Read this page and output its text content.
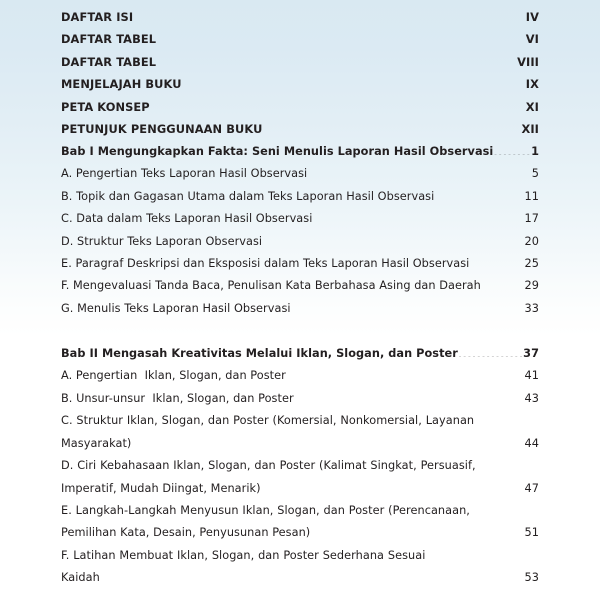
DAFTAR ISI .....	IV
DAFTAR TABEL .....	VI
DAFTAR TABEL .....	VIII
MENJELAJAH BUKU .....	IX
PETA KONSEP .....	XI
PETUNJUK PENGGUNAAN BUKU .....	XII
Bab I Mengungkapkan Fakta: Seni Menulis Laporan Hasil Observasi .....	1
A. Pengertian Teks Laporan Hasil Observasi .....	5
B. Topik dan Gagasan Utama dalam Teks Laporan Hasil Observasi .....	11
C. Data dalam Teks Laporan Hasil Observasi .....	17
D. Struktur Teks Laporan Observasi .....	20
E. Paragraf Deskripsi dan Eksposisi dalam Teks Laporan Hasil Observasi .....	25
F. Mengevaluasi Tanda Baca, Penulisan Kata Berbahasa Asing dan Daerah .....	29
G. Menulis Teks Laporan Hasil Observasi .....	33
Bab II Mengasah Kreativitas Melalui Iklan, Slogan, dan Poster .....	37
A. Pengertian  Iklan, Slogan, dan Poster .....	41
B. Unsur-unsur  Iklan, Slogan, dan Poster .....	43
C. Struktur Iklan, Slogan, dan Poster (Komersial, Nonkomersial, Layanan
Masyarakat) .....	44
D. Ciri Kebahasaan Iklan, Slogan, dan Poster (Kalimat Singkat, Persuasif,
Imperatif, Mudah Diingat, Menarik) .....	47
E. Langkah-Langkah Menyusun Iklan, Slogan, dan Poster (Perencanaan,
Pemilihan Kata, Desain, Penyusunan Pesan) .....	51
F. Latihan Membuat Iklan, Slogan, dan Poster Sederhana Sesuai
Kaidah .....	53
